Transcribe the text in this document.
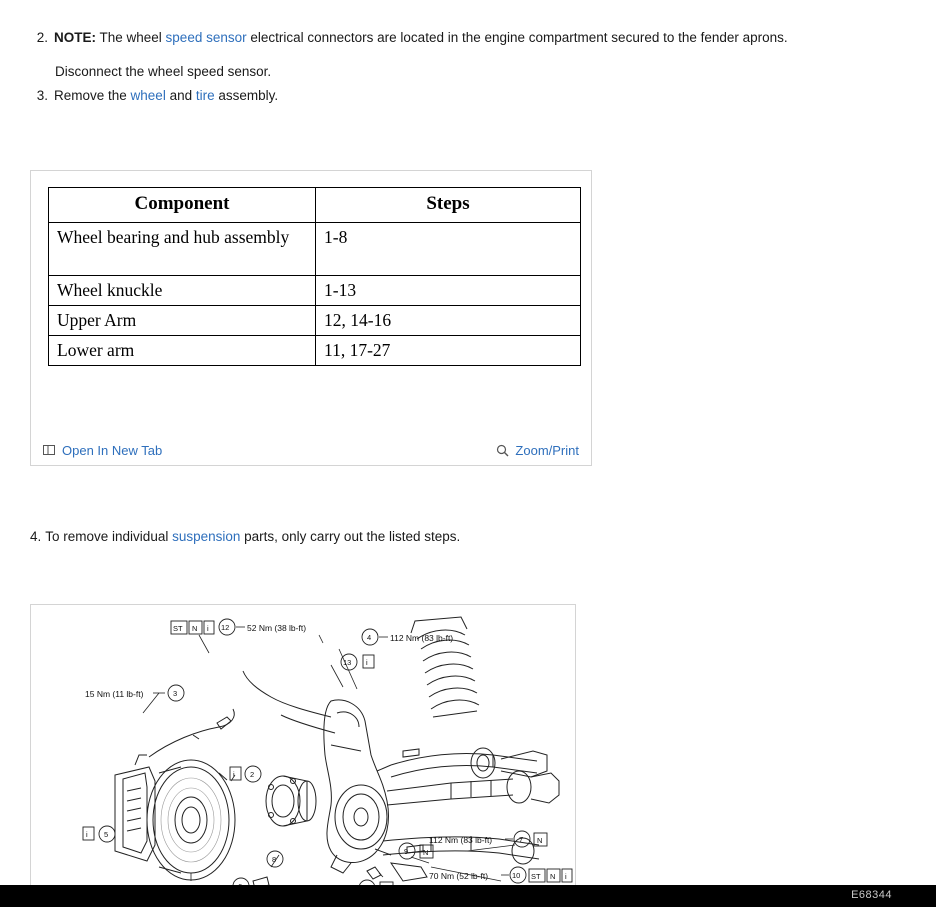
2. NOTE: The wheel speed sensor electrical connectors are located in the engine compartment secured to the fender aprons.
Disconnect the wheel speed sensor.
3. Remove the wheel and tire assembly.
Component	Steps
Wheel bearing and hub assembly	1-8
Wheel knuckle	1-13
Upper Arm	12, 14-16
Lower arm	11, 17-27
Open In New Tab	Zoom/Print
4. To remove individual suspension parts, only carry out the listed steps.
15 Nm (11 lb-ft)	3
ST N i 12 52 Nm (38 lb-ft)
4 112 Nm (83 lb-ft)
13 i
i 2
i 5
8
9 N
112 Nm (83 lb-ft)	7 N
70 Nm (52 lb-ft)	10 ST N i
E68344
